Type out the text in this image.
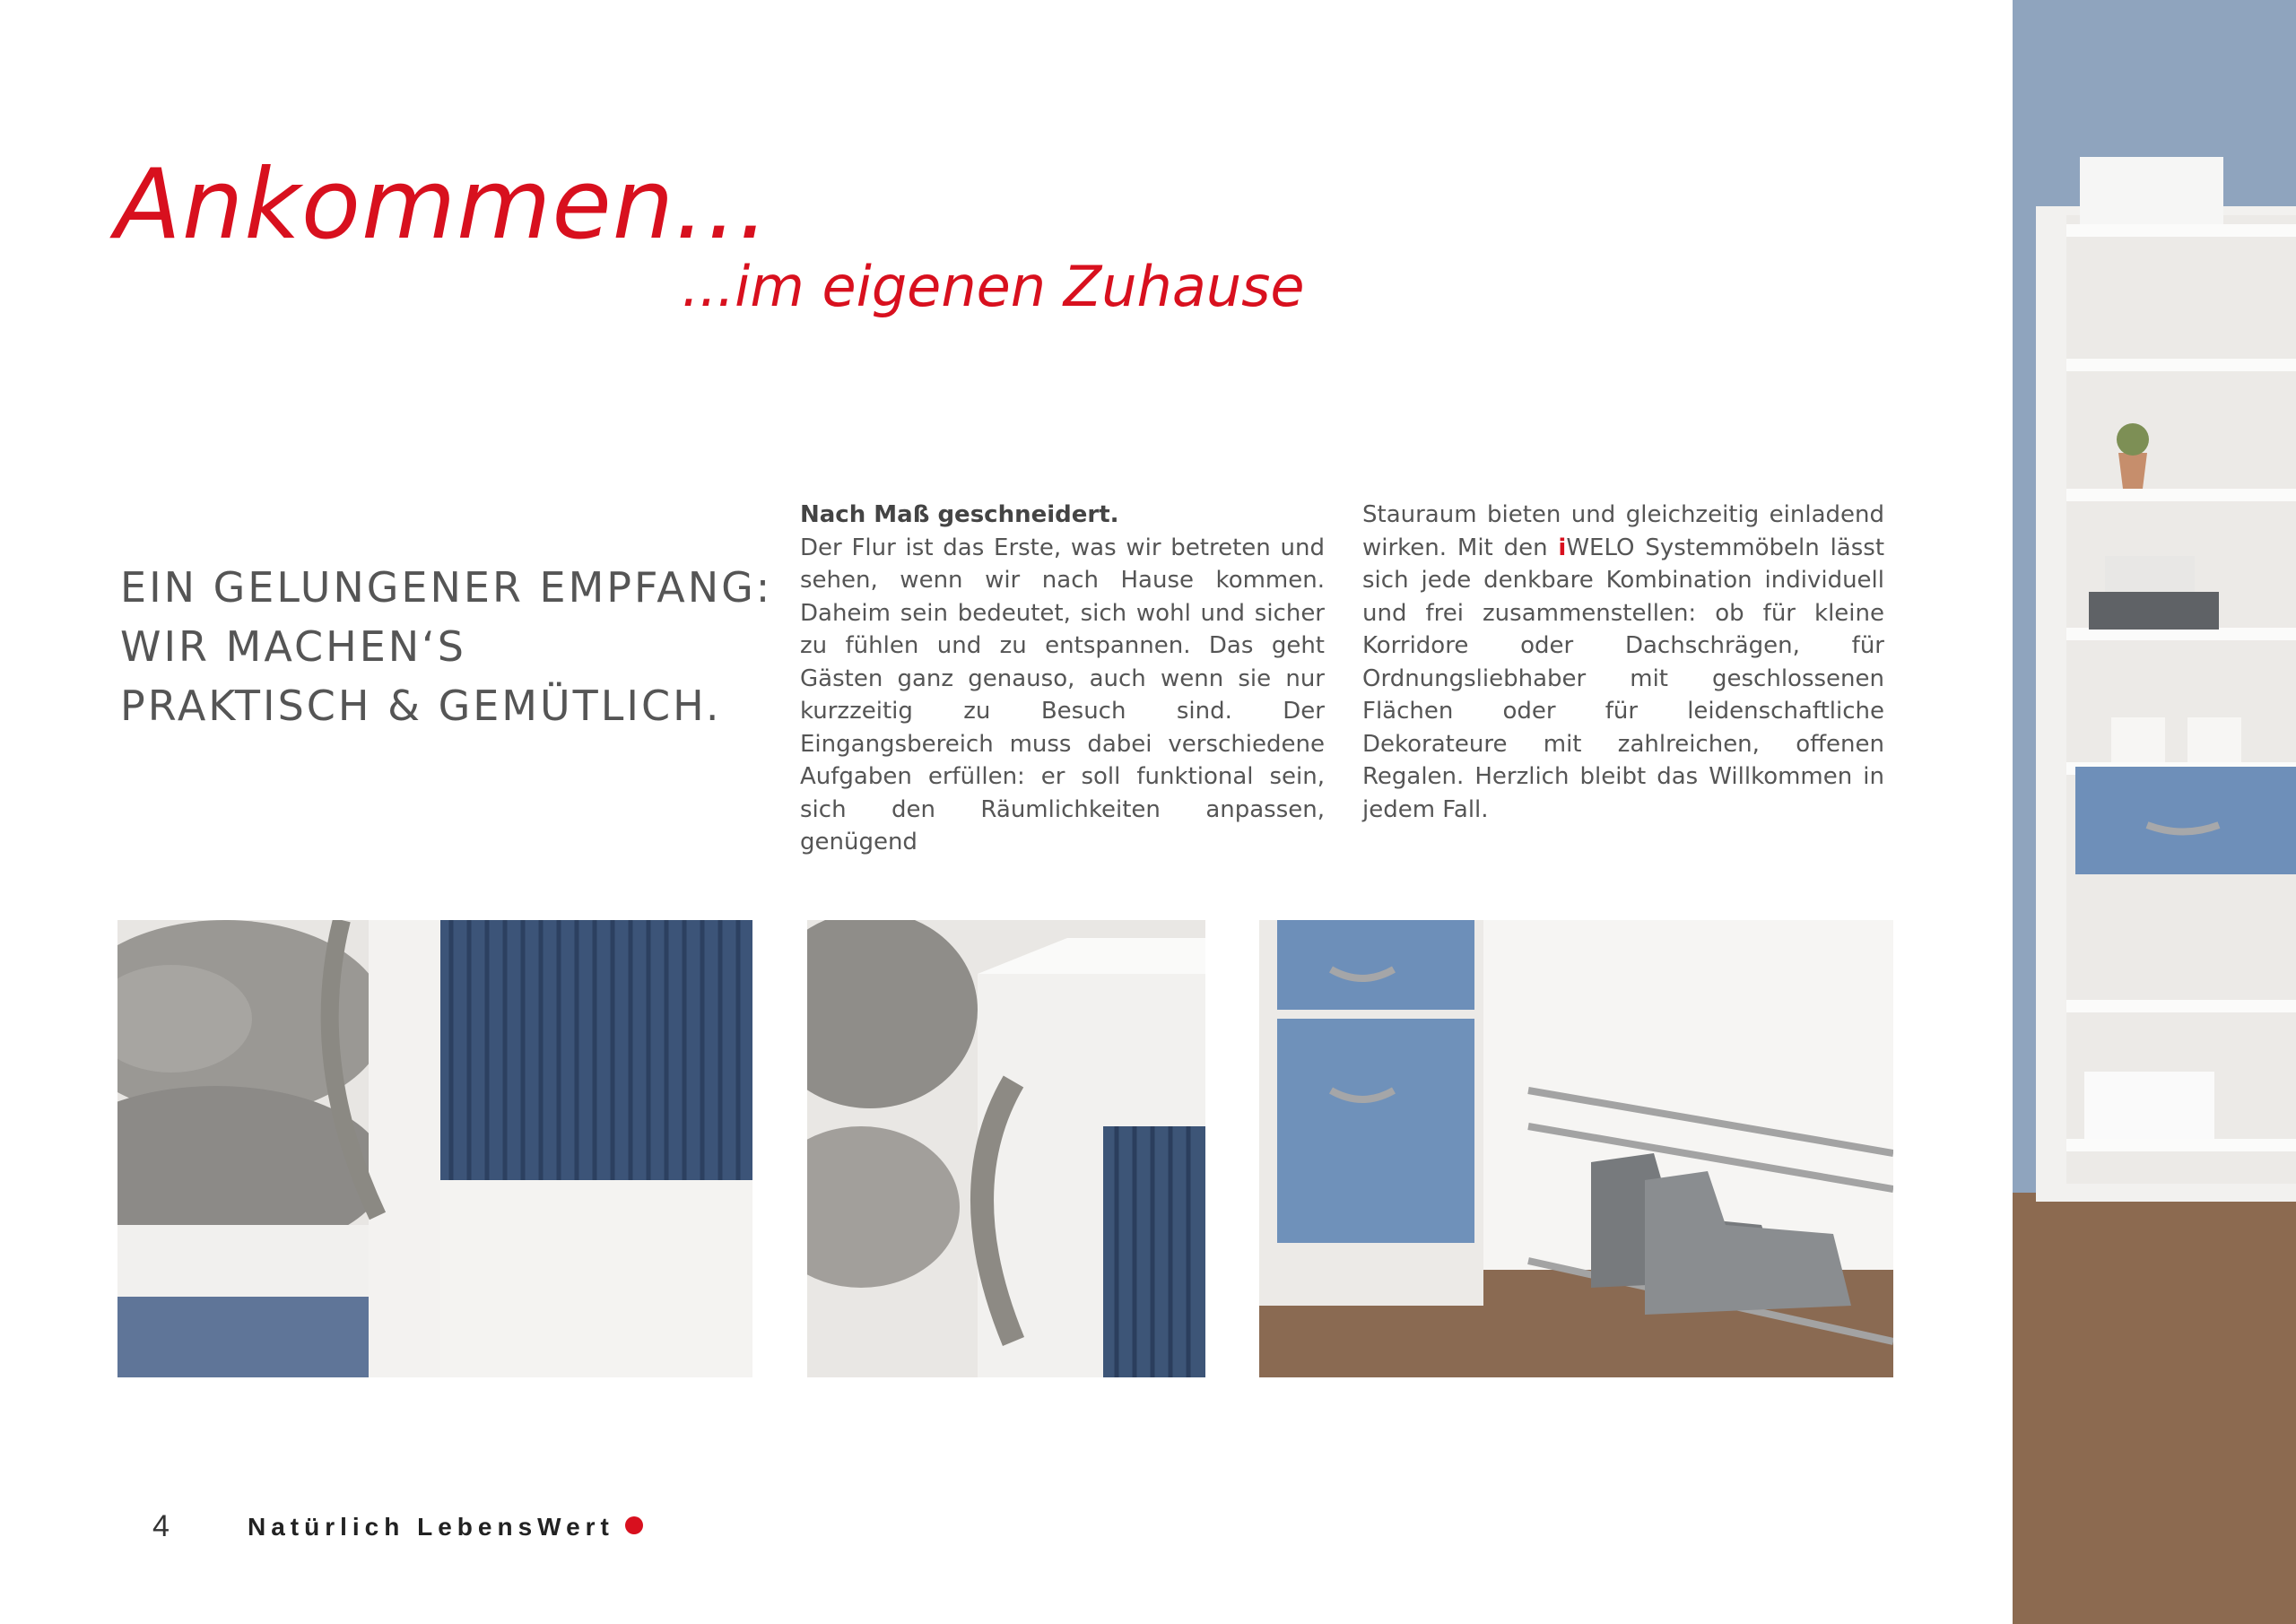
Ankommen...
...im eigenen Zuhause
EIN GELUNGENER EMPFANG:
WIR MACHEN‘S
PRAKTISCH & GEMÜTLICH.
Nach Maß geschneidert.
Der Flur ist das Erste, was wir betreten und sehen, wenn wir nach Hause kommen. Daheim sein bedeutet, sich wohl und sicher zu fühlen und zu entspannen. Das geht Gästen ganz genauso, auch wenn sie nur kurzzeitig zu Besuch sind. Der Eingangsbereich muss dabei verschiedene Aufgaben erfüllen: er soll funktional sein, sich den Räumlichkeiten anpassen, genügend
Stauraum bieten und gleichzeitig einladend wirken. Mit den iWELO Systemmöbeln lässt sich jede denkbare Kombination individuell und frei zusammenstellen: ob für kleine Korridore oder Dachschrägen, für Ordnungsliebhaber mit geschlossenen Flächen oder für leidenschaftliche Dekorateure mit zahlreichen, offenen Regalen. Herzlich bleibt das Willkommen in jedem Fall.
4	Natürlich LebensWert
